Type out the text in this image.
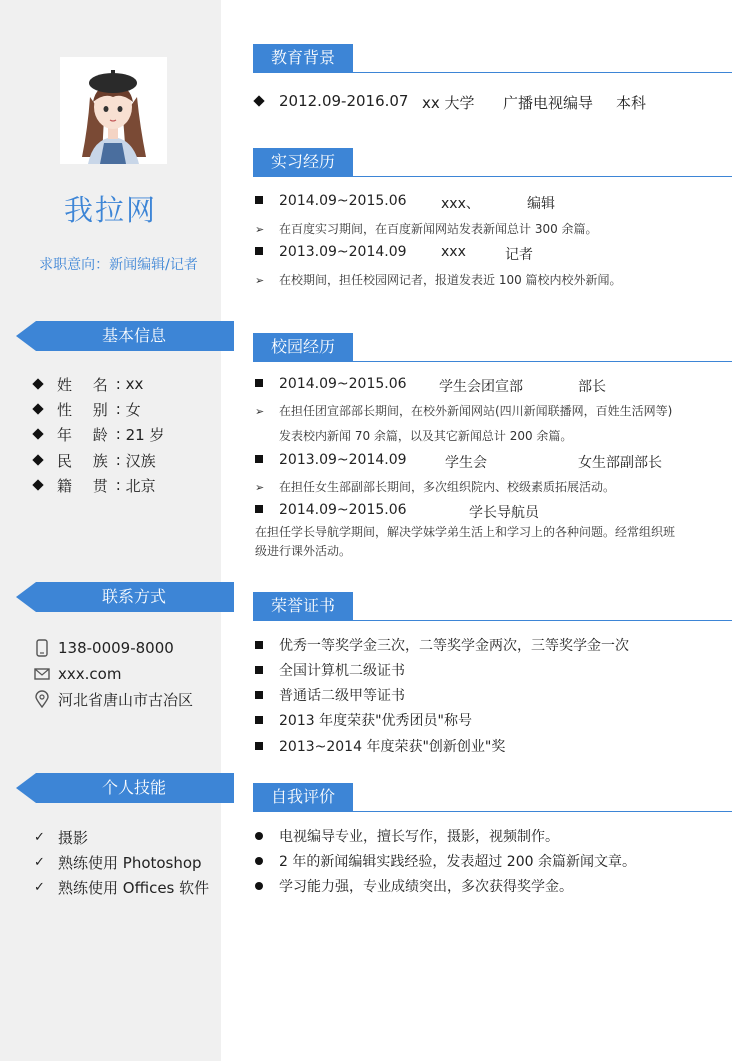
我拉网
求职意向：新闻编辑/记者
基本信息
姓 名 : xx
性 别 : 女
年 龄 : 21 岁
民 族 : 汉族
籍 贯 : 北京
联系方式
138-0009-8000
xxx.com
河北省唐山市古冶区
个人技能
✓ 摄影
✓ 熟练使用 Photoshop
✓ 熟练使用 Offices 软件
教育背景
2012.09-2016.07 xx 大学 广播电视编导 本科
实习经历
2014.09~2015.06 xxx、	编辑
➢ 在百度实习期间，在百度新闻网站发表新闻总计 300 余篇。
2013.09~2014.09 xxx	记者
➢ 在校期间，担任校园网记者，报道发表近 100 篇校内校外新闻。
校园经历
2014.09~2015.06 学生会团宣部	部长
➢ 在担任团宣部部长期间，在校外新闻网站(四川新闻联播网，百姓生活网等)
发表校内新闻 70 余篇，以及其它新闻总计 200 余篇。
2013.09~2014.09	学生会	女生部副部长
➢ 在担任女生部副部长期间，多次组织院内、校级素质拓展活动。
2014.09~2015.06	学长导航员
在担任学长导航学期间，解决学妹学弟生活上和学习上的各种问题。经常组织班
级进行课外活动。
荣誉证书
优秀一等奖学金三次，二等奖学金两次，三等奖学金一次
全国计算机二级证书
普通话二级甲等证书
2013 年度荣获"优秀团员"称号
2013~2014 年度荣获"创新创业"奖
自我评价
电视编导专业，擅长写作，摄影，视频制作。
2 年的新闻编辑实践经验，发表超过 200 余篇新闻文章。
学习能力强，专业成绩突出，多次获得奖学金。
